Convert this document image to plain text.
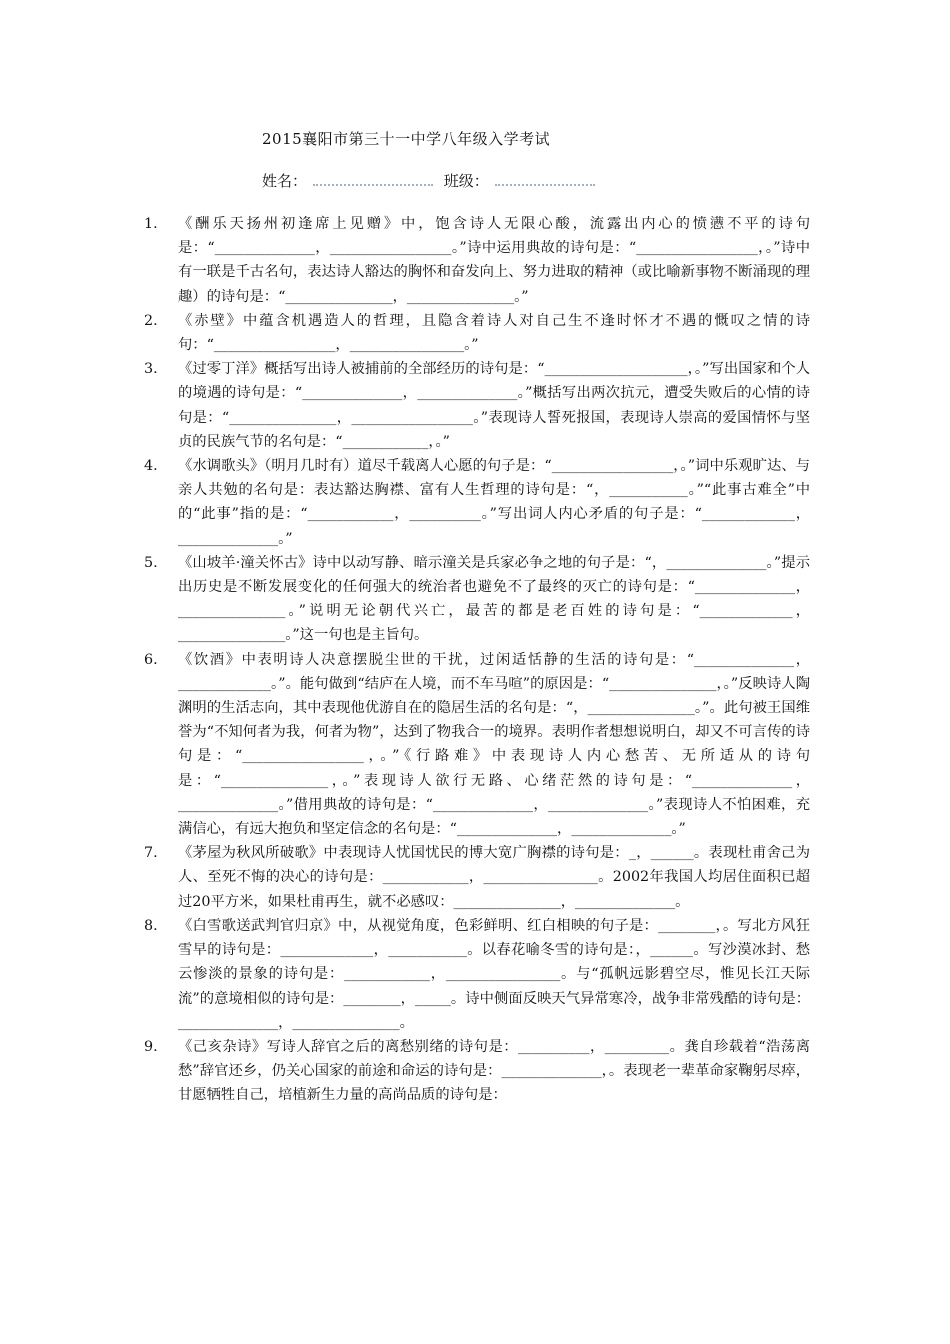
2015襄阳市第三十一中学八年级入学考试
姓名：	班级：
1. 《酬乐天扬州初逢席上见赠》中，饱含诗人无限心酸，流露出内心的愤懑不平的诗句是：“______________，_________________。”诗中运用典故的诗句是：“_________________，。”诗中有一联是千古名句，表达诗人豁达的胸怀和奋发向上、努力进取的精神（或比喻新事物不断涌现的理趣）的诗句是：“_______________，_______________。”
2. 《赤壁》中蕴含机遇造人的哲理，且隐含着诗人对自己生不逢时怀才不遇的慨叹之情的诗句：“_________________，________________。”
3. 《过零丁洋》概括写出诗人被捕前的全部经历的诗句是：“____________________，。”写出国家和个人的境遇的诗句是：“______________，______________。”概括写出两次抗元，遭受失败后的心情的诗句是：“_______________，_________________。”表现诗人誓死报国，表现诗人崇高的爱国情怀与坚贞的民族气节的名句是：“____________，。”
4. 《水调歌头》（明月几时有）道尽千载离人心愿的句子是：“_________________，。”词中乐观旷达、与亲人共勉的名句是：表达豁达胸襟、富有人生哲理的诗句是：“，___________。”“此事古难全”中的“此事”指的是：“____________，__________。”写出词人内心矛盾的句子是：“_____________，______________。”
5. 《山坡羊·潼关怀古》诗中以动写静、暗示潼关是兵家必争之地的句子是：“，______________。”提示出历史是不断发展变化的任何强大的统治者也避免不了最终的灭亡的诗句是：“______________，_______________。”说明无论朝代兴亡，最苦的都是老百姓的诗句是：“_____________，_______________。”这一句也是主旨句。
6. 《饮酒》中表明诗人决意摆脱尘世的干扰，过闲适恬静的生活的诗句是：“______________，_____________。”。能句做到“结庐在人境，而不车马喧”的原因是：“_______________，。”反映诗人陶渊明的生活志向，其中表现他优游自在的隐居生活的名句是：“，_______________。”。此句被王国维誉为“不知何者为我，何者为物”，达到了物我合一的境界。表明作者想想说明白，却又不可言传的诗句是：“_________________，。”《行路难》中表现诗人内心愁苦、无所适从的诗句是：“_______________，。”表现诗人欲行无路、心绪茫然的诗句是：“______________，______________。”借用典故的诗句是：“______________，______________。”表现诗人不怕困难，充满信心，有远大抱负和坚定信念的名句是：“______________，______________。”
7. 《茅屋为秋风所破歌》中表现诗人忧国忧民的博大宽广胸襟的诗句是：_，______。表现杜甫舍己为人、至死不悔的决心的诗句是：____________，________________。2002年我国人均居住面积已超过20平方米，如果杜甫再生，就不必感叹：_______________，______________。
8. 《白雪歌送武判官归京》中，从视觉角度，色彩鲜明、红白相映的句子是：________，。写北方风狂雪早的诗句是：_____________，___________。以春花喻冬雪的诗句是：，______。写沙漠冰封、愁云惨淡的景象的诗句是：____________，________________。与“孤帆远影碧空尽，惟见长江天际流”的意境相似的诗句是：________，_____。诗中侧面反映天气异常寒冷，战争非常残酷的诗句是：______________，_______________。
9. 《己亥杂诗》写诗人辞官之后的离愁别绪的诗句是：__________，_________。龚自珍载着“浩荡离愁”辞官还乡，仍关心国家的前途和命运的诗句是：______________，。表现老一辈革命家鞠躬尽瘁，甘愿牺牲自己，培植新生力量的高尚品质的诗句是：
